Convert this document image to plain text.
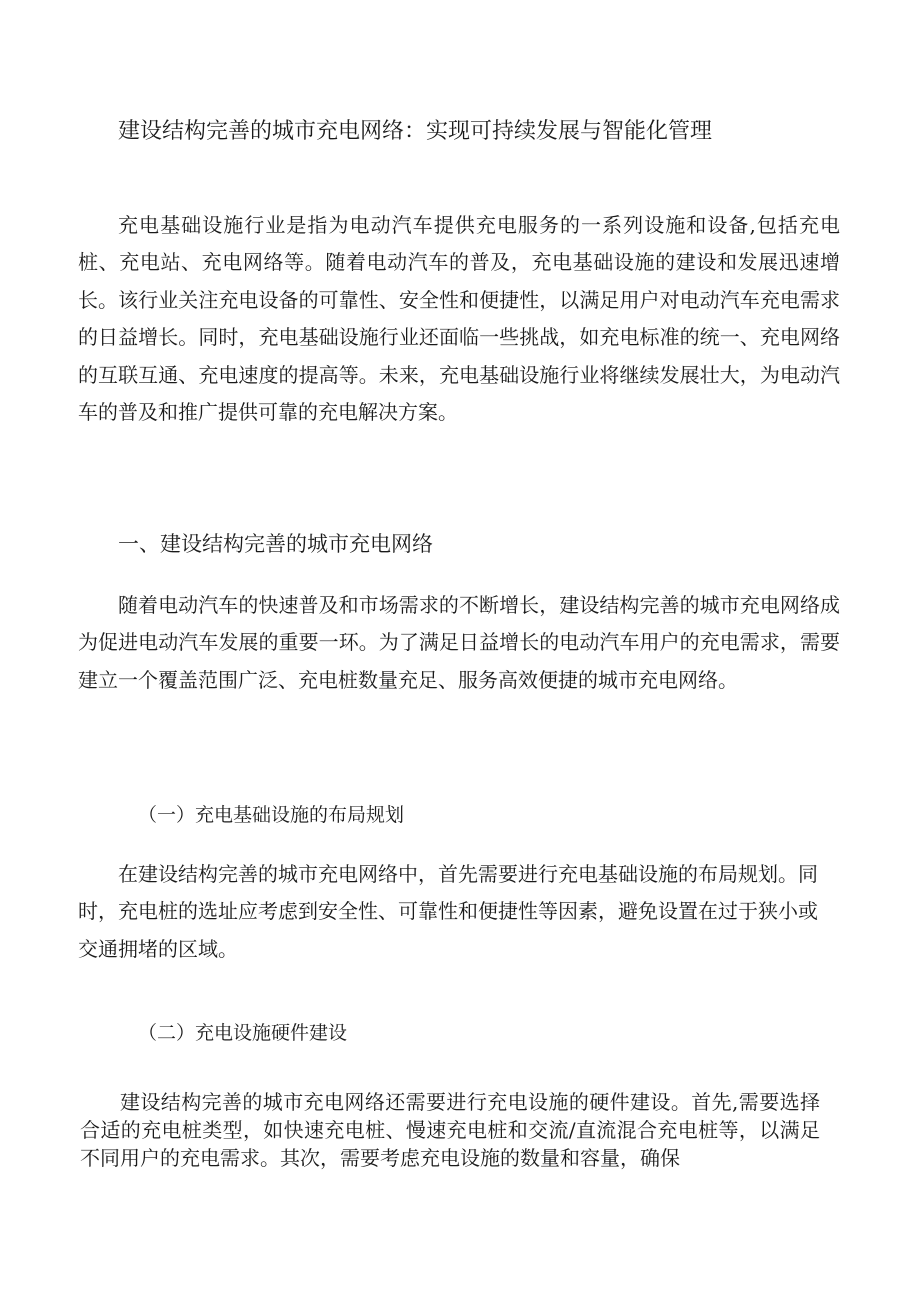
建设结构完善的城市充电网络：实现可持续发展与智能化管理

充电基础设施行业是指为电动汽车提供充电服务的一系列设施和设备,包括充电桩、充电站、充电网络等。随着电动汽车的普及，充电基础设施的建设和发展迅速增长。该行业关注充电设备的可靠性、安全性和便捷性，以满足用户对电动汽车充电需求的日益增长。同时，充电基础设施行业还面临一些挑战，如充电标准的统一、充电网络的互联互通、充电速度的提高等。未来，充电基础设施行业将继续发展壮大，为电动汽车的普及和推广提供可靠的充电解决方案。

一、建设结构完善的城市充电网络

随着电动汽车的快速普及和市场需求的不断增长，建设结构完善的城市充电网络成为促进电动汽车发展的重要一环。为了满足日益增长的电动汽车用户的充电需求，需要建立一个覆盖范围广泛、充电桩数量充足、服务高效便捷的城市充电网络。

（一）充电基础设施的布局规划

在建设结构完善的城市充电网络中，首先需要进行充电基础设施的布局规划。同时，充电桩的选址应考虑到安全性、可靠性和便捷性等因素，避免设置在过于狭小或交通拥堵的区域。

（二）充电设施硬件建设

建设结构完善的城市充电网络还需要进行充电设施的硬件建设。首先,需要选择合适的充电桩类型，如快速充电桩、慢速充电桩和交流/直流混合充电桩等，以满足不同用户的充电需求。其次，需要考虑充电设施的数量和容量，确保
